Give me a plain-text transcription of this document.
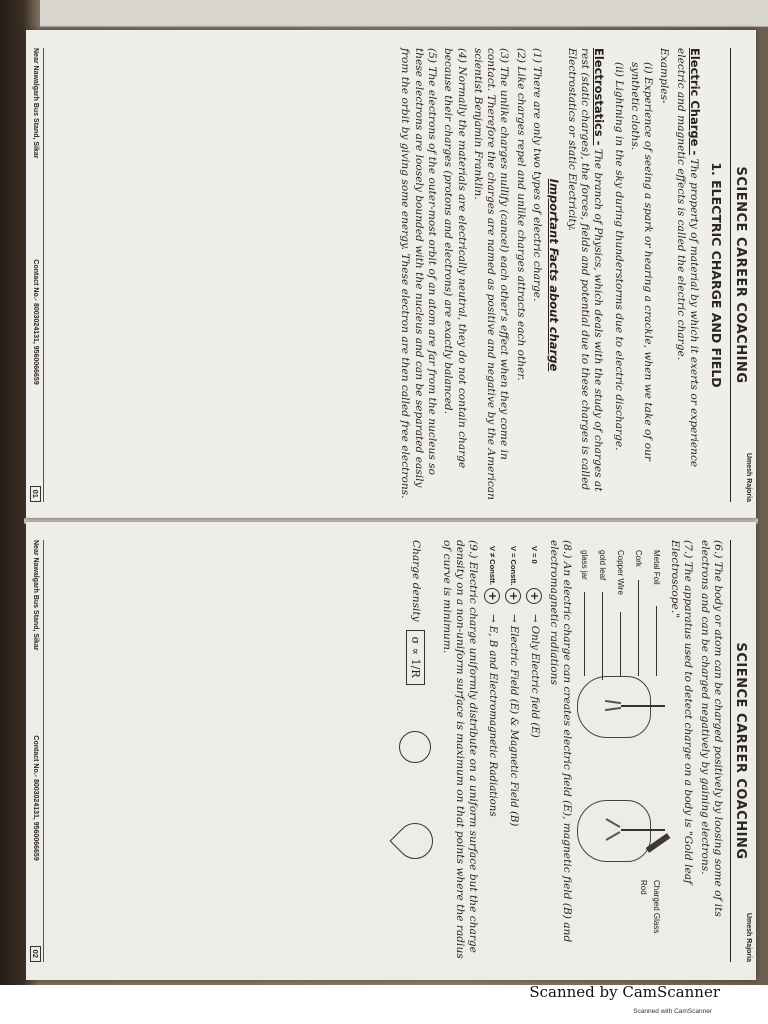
SCIENCE CAREER COACHING
Umesh Rajoria
1. ELECTRIC CHARGE AND FIELD

Electric Charge - The property of material by which it exerts or experience electric and magnetic effects is called the electric charge.

Examples-

(i) Experience of seeing a spark or hearing a crackle, when we take of our synthetic cloths.

(ii) Lightning in the sky during thunderstorms due to electric discharge.

Electrostatics - The branch of Physics, which deals with the study of charges at rest (static charges), the forces, fields and potential due to these charges is called Electrostatics or static Electricity.

Important Facts about charge

(1) There are only two types of electric charge.

(2) Like charges repel and unlike charges attracts each other.

(3) The unlike charges nullify (cancel) each other's effect when they come in contact. Therefore the charges are named as positive and negative by the American scientist Benjamin Franklin.

(4) Normally the materials are electrically neutral, they do not contain charge because their charges (protons and electrons) are exactly balanced.

(5) The electrons of the outer-most orbit of an atom are far from the nucleus so these electrons are loosely bounded with the nucleus and can be separated easily from the orbit by giving some energy. These electron are then called free electrons.

Near Nawalgarh Bus Stand, Sikar
Contact No.- 8003024131, 9560066659
01
SCIENCE CAREER COACHING
Umesh Rajoria

(6.) The body or atom can be charged positively by loosing some of its electrons and can be charged negatively by gaining electrons.

(7.) The apparatus used to detect charge on a body is "Gold leaf Electroscope."

Metal Foil
Cork
Copper Wire
gold leaf
glass jar
Charged Glass Rod

(8.) An electric charge can creates electric field (E), magnetic field (B) and electromagnetic radiations

V = 0
+
→ Only Electric field (E)
V = Constt.
+
→ Electric Field (E) & Magnetic Field (B)
V ≠ Constt.
+
→ E, B and Electromagnetic Radiations

(9.) Electric charge uniformly distribute on a uniform surface but the charge density on a non-uniform surface is maximum on that points where the radius of curve is minimum.

Charge density
σ ∝ 1/R
Near Nawalgarh Bus Stand, Sikar
Contact No.- 8003024131, 9560066659
02
Scanned by CamScanner
Scanned with CamScanner
